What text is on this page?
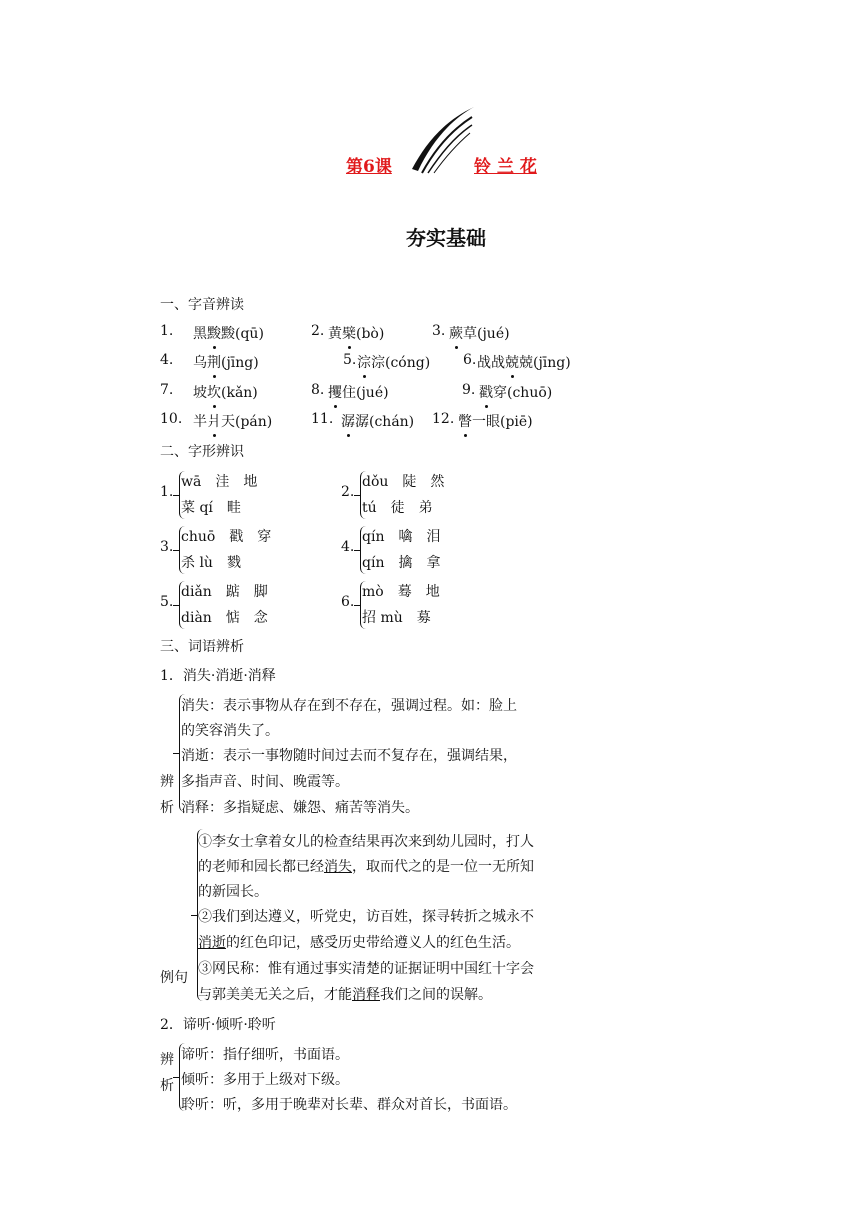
第6课	铃 兰 花
夯实基础
一、字音辨读
1. 黑黢黢(qū)	2. 黄檗(bò)	3. 蕨草(jué)
4. 乌荆(jīng)	5. 淙淙(cóng) 6. 战战兢兢(jīng)
7. 坡坎(kǎn)	8. 攫住(jué)	9. 戳穿(chuō)
10. 半爿天(pán)	11. 潺潺(chán) 12. 瞥一眼(piē)
二、字形辨识
1.
wā　洼　地
菜 qí　畦
2.
dǒu　陡　然
tú　徒　弟
3.
chuō　戳　穿
杀 lù　戮
4.
qín　噙　泪
qín　擒　拿
5.
diǎn　踮　脚
diàn　惦　念
6.
mò　蓦　地
招 mù　募
三、词语辨析
1．消失·消逝·消释
辨
析
消失：表示事物从存在到不存在，强调过程。如：脸上
的笑容消失了。
消逝：表示一事物随时间过去而不复存在，强调结果，
多指声音、时间、晚霞等。
消释：多指疑虑、嫌怨、痛苦等消失。
例句
①李女士拿着女儿的检查结果再次来到幼儿园时，打人
的老师和园长都已经消失，取而代之的是一位一无所知
的新园长。
②我们到达遵义，听党史，访百姓，探寻转折之城永不
消逝的红色印记，感受历史带给遵义人的红色生活。
③网民称：惟有通过事实清楚的证据证明中国红十字会
与郭美美无关之后，才能消释我们之间的误解。
2．谛听·倾听·聆听
辨
析
谛听：指仔细听，书面语。
倾听：多用于上级对下级。
聆听：听，多用于晚辈对长辈、群众对首长，书面语。
